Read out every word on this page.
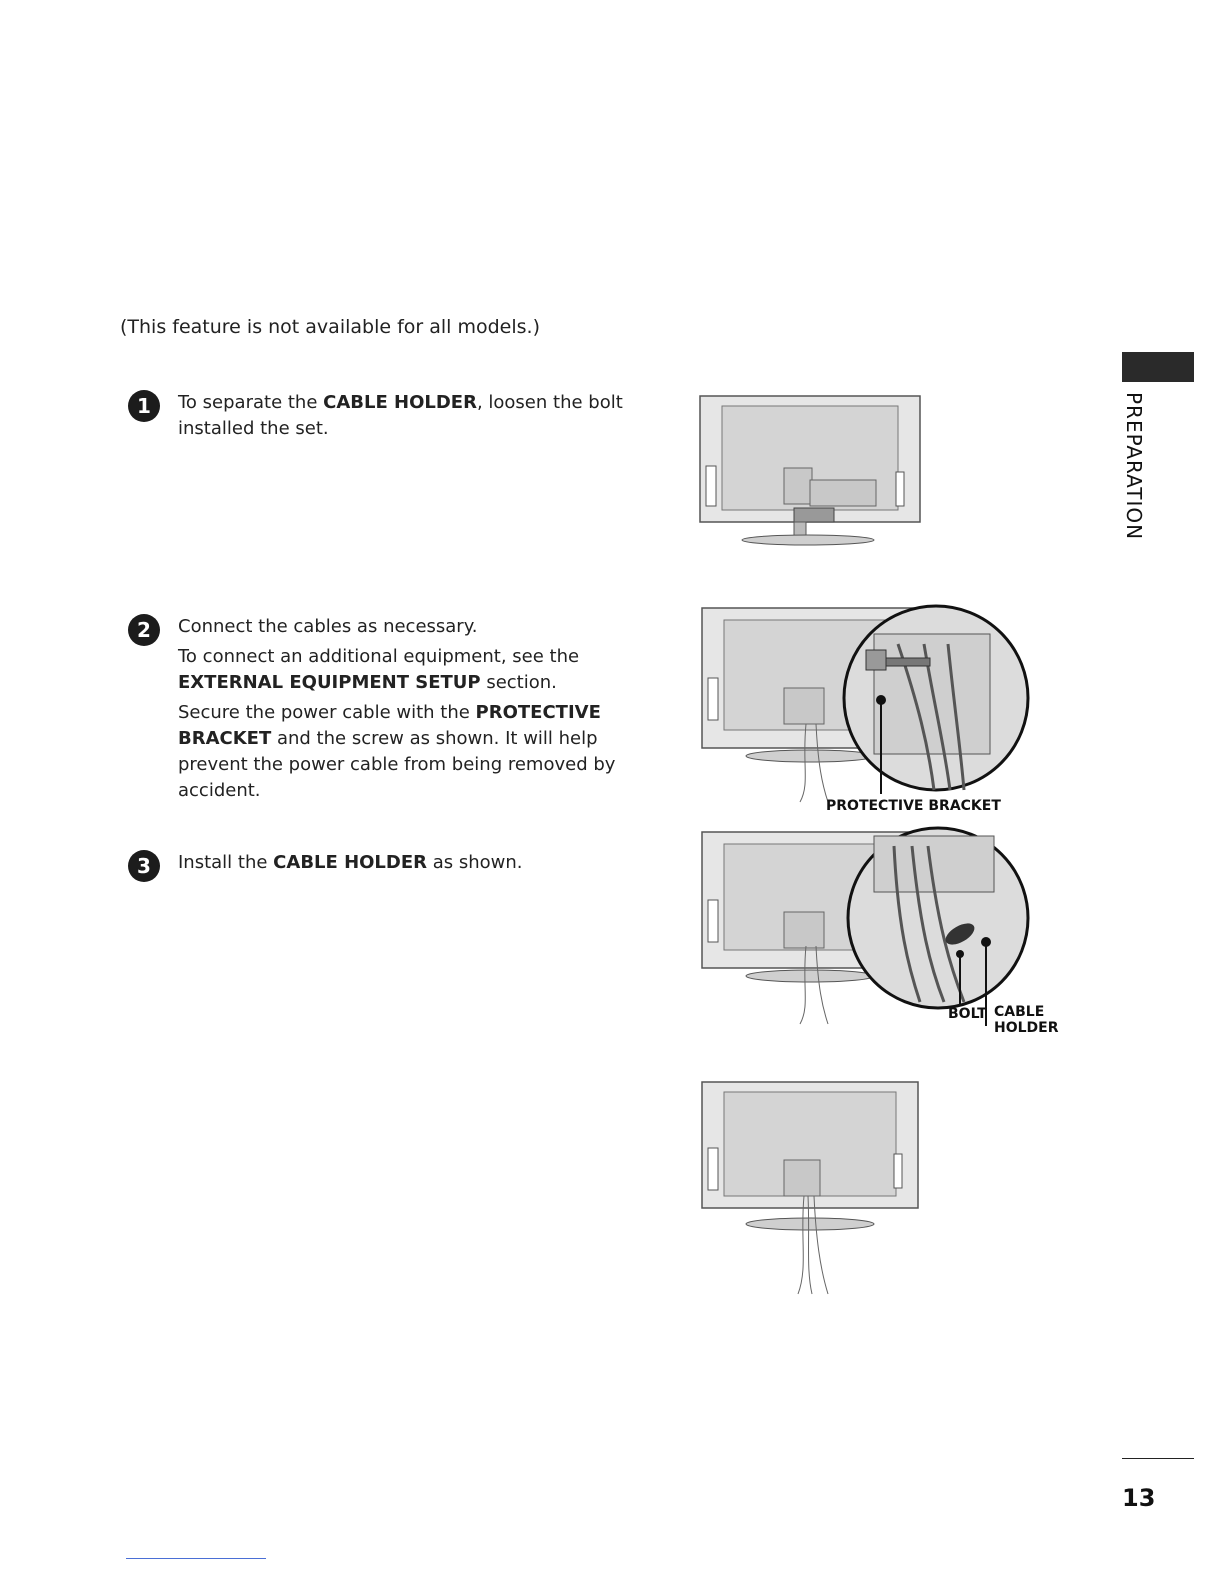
(This feature is not available for all models.)
1	To separate the CABLE HOLDER, loosen the bolt installed the set.

2	Connect the cables as necessary.

To connect an additional equipment, see the EXTERNAL EQUIPMENT SETUP section.

Secure the power cable with the PROTECTIVE BRACKET and the screw as shown. It will help prevent the power cable from being removed by accident.

3	Install the CABLE HOLDER as shown.

PROTECTIVE BRACKET
BOLT CABLE
HOLDER
PREPARATION
13
